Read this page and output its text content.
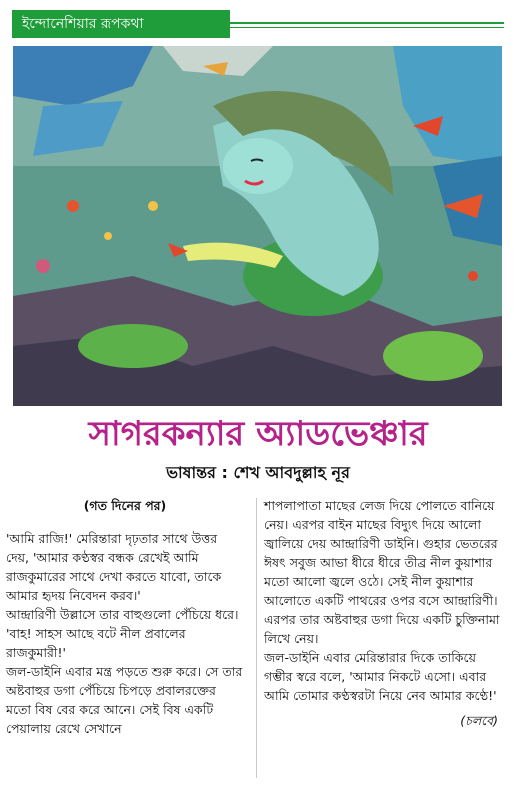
ইন্দোনেশিয়ার রূপকথা
সাগরকন্যার অ্যাডভেঞ্চার
ভাষান্তর : শেখ আবদুল্লাহ নূর

(গত দিনের পর)

'আমি রাজি!' মেরিন্তারা দৃঢ়তার সাথে উত্তর দেয়, 'আমার কণ্ঠস্বর বন্ধক রেখেই আমি রাজকুমারের সাথে দেখা করতে যাবো, তাকে আমার হৃদয় নিবেদন করব।'

আন্দ্রারিণী উল্লাসে তার বাহুগুলো পেঁচিয়ে ধরে। 'বাহ! সাহস আছে বটে নীল প্রবালের রাজকুমারী!'

জল-ডাইনি এবার মন্ত্র পড়তে শুরু করে। সে তার অষ্টবাহুর ডগা পেঁচিয়ে চিপড়ে প্রবালরক্তের মতো বিষ বের করে আনে। সেই বিষ একটি পেয়ালায় রেখে সেখানে

শাপলাপাতা মাছের লেজ দিয়ে পোলতে বানিয়ে নেয়। এরপর বাইন মাছের বিদ্যুৎ দিয়ে আলো জ্বালিয়ে দেয় আন্দ্রারিণী ডাইনি। গুহার ভেতরের ঈষৎ সবুজ আভা ধীরে ধীরে তীব্র নীল কুয়াশার মতো আলো জ্বলে ওঠে। সেই নীল কুয়াশার আলোতে একটি পাথরের ওপর বসে আন্দ্রারিণী। এরপর তার অষ্টবাহুর ডগা দিয়ে একটি চুক্তিনামা লিখে নেয়।

জল-ডাইনি এবার মেরিন্তারার দিকে তাকিয়ে গম্ভীর স্বরে বলে, 'আমার নিকটে এসো। এবার আমি তোমার কণ্ঠস্বরটা নিয়ে নেব আমার কণ্ঠে!'

(চলবে)
